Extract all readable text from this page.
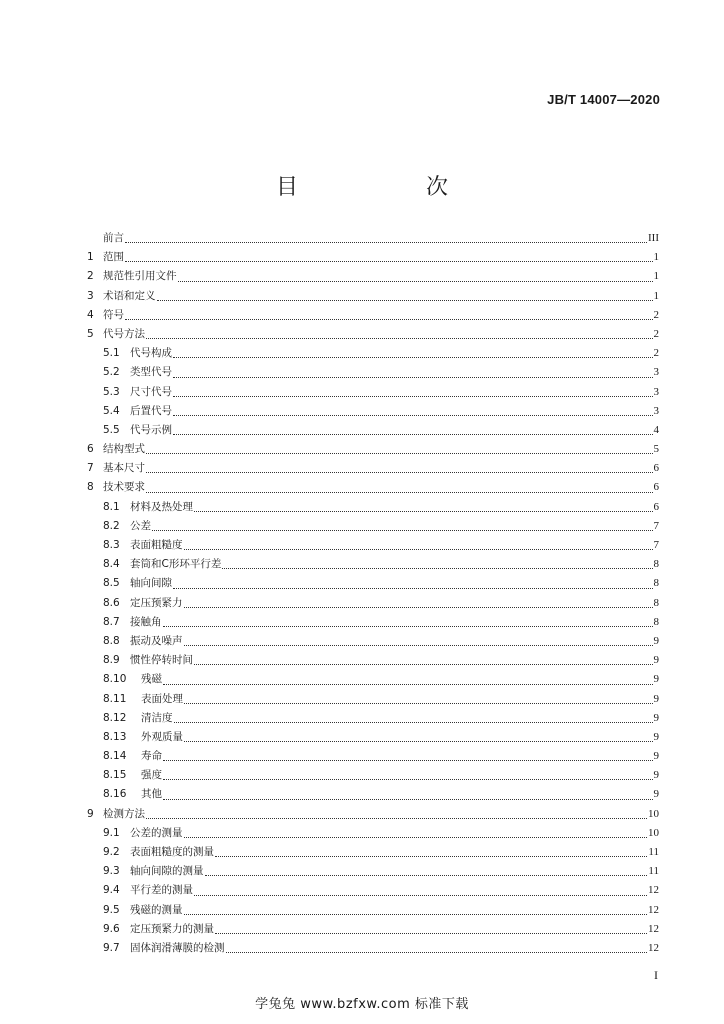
JB/T 14007—2020
目　　次
前言	III
1 范围	1
2 规范性引用文件	1
3 术语和定义	1
4 符号	2
5 代号方法	2
5.1 代号构成	2
5.2 类型代号	3
5.3 尺寸代号	3
5.4 后置代号	3
5.5 代号示例	4
6 结构型式	5
7 基本尺寸	6
8 技术要求	6
8.1 材料及热处理	6
8.2 公差	7
8.3 表面粗糙度	7
8.4 套筒和C形环平行差	8
8.5 轴向间隙	8
8.6 定压预紧力	8
8.7 接触角	8
8.8 振动及噪声	9
8.9 惯性停转时间	9
8.10	残磁	9
8.11	表面处理	9
8.12	清洁度	9
8.13	外观质量	9
8.14	寿命	9
8.15	强度	9
8.16	其他	9
9 检测方法	10
9.1 公差的测量	10
9.2 表面粗糙度的测量	11
9.3 轴向间隙的测量	11
9.4 平行差的测量	12
9.5 残磁的测量	12
9.6 定压预紧力的测量	12
9.7 固体润滑薄膜的检测	12
I
学兔兔 www.bzfxw.com 标准下载
